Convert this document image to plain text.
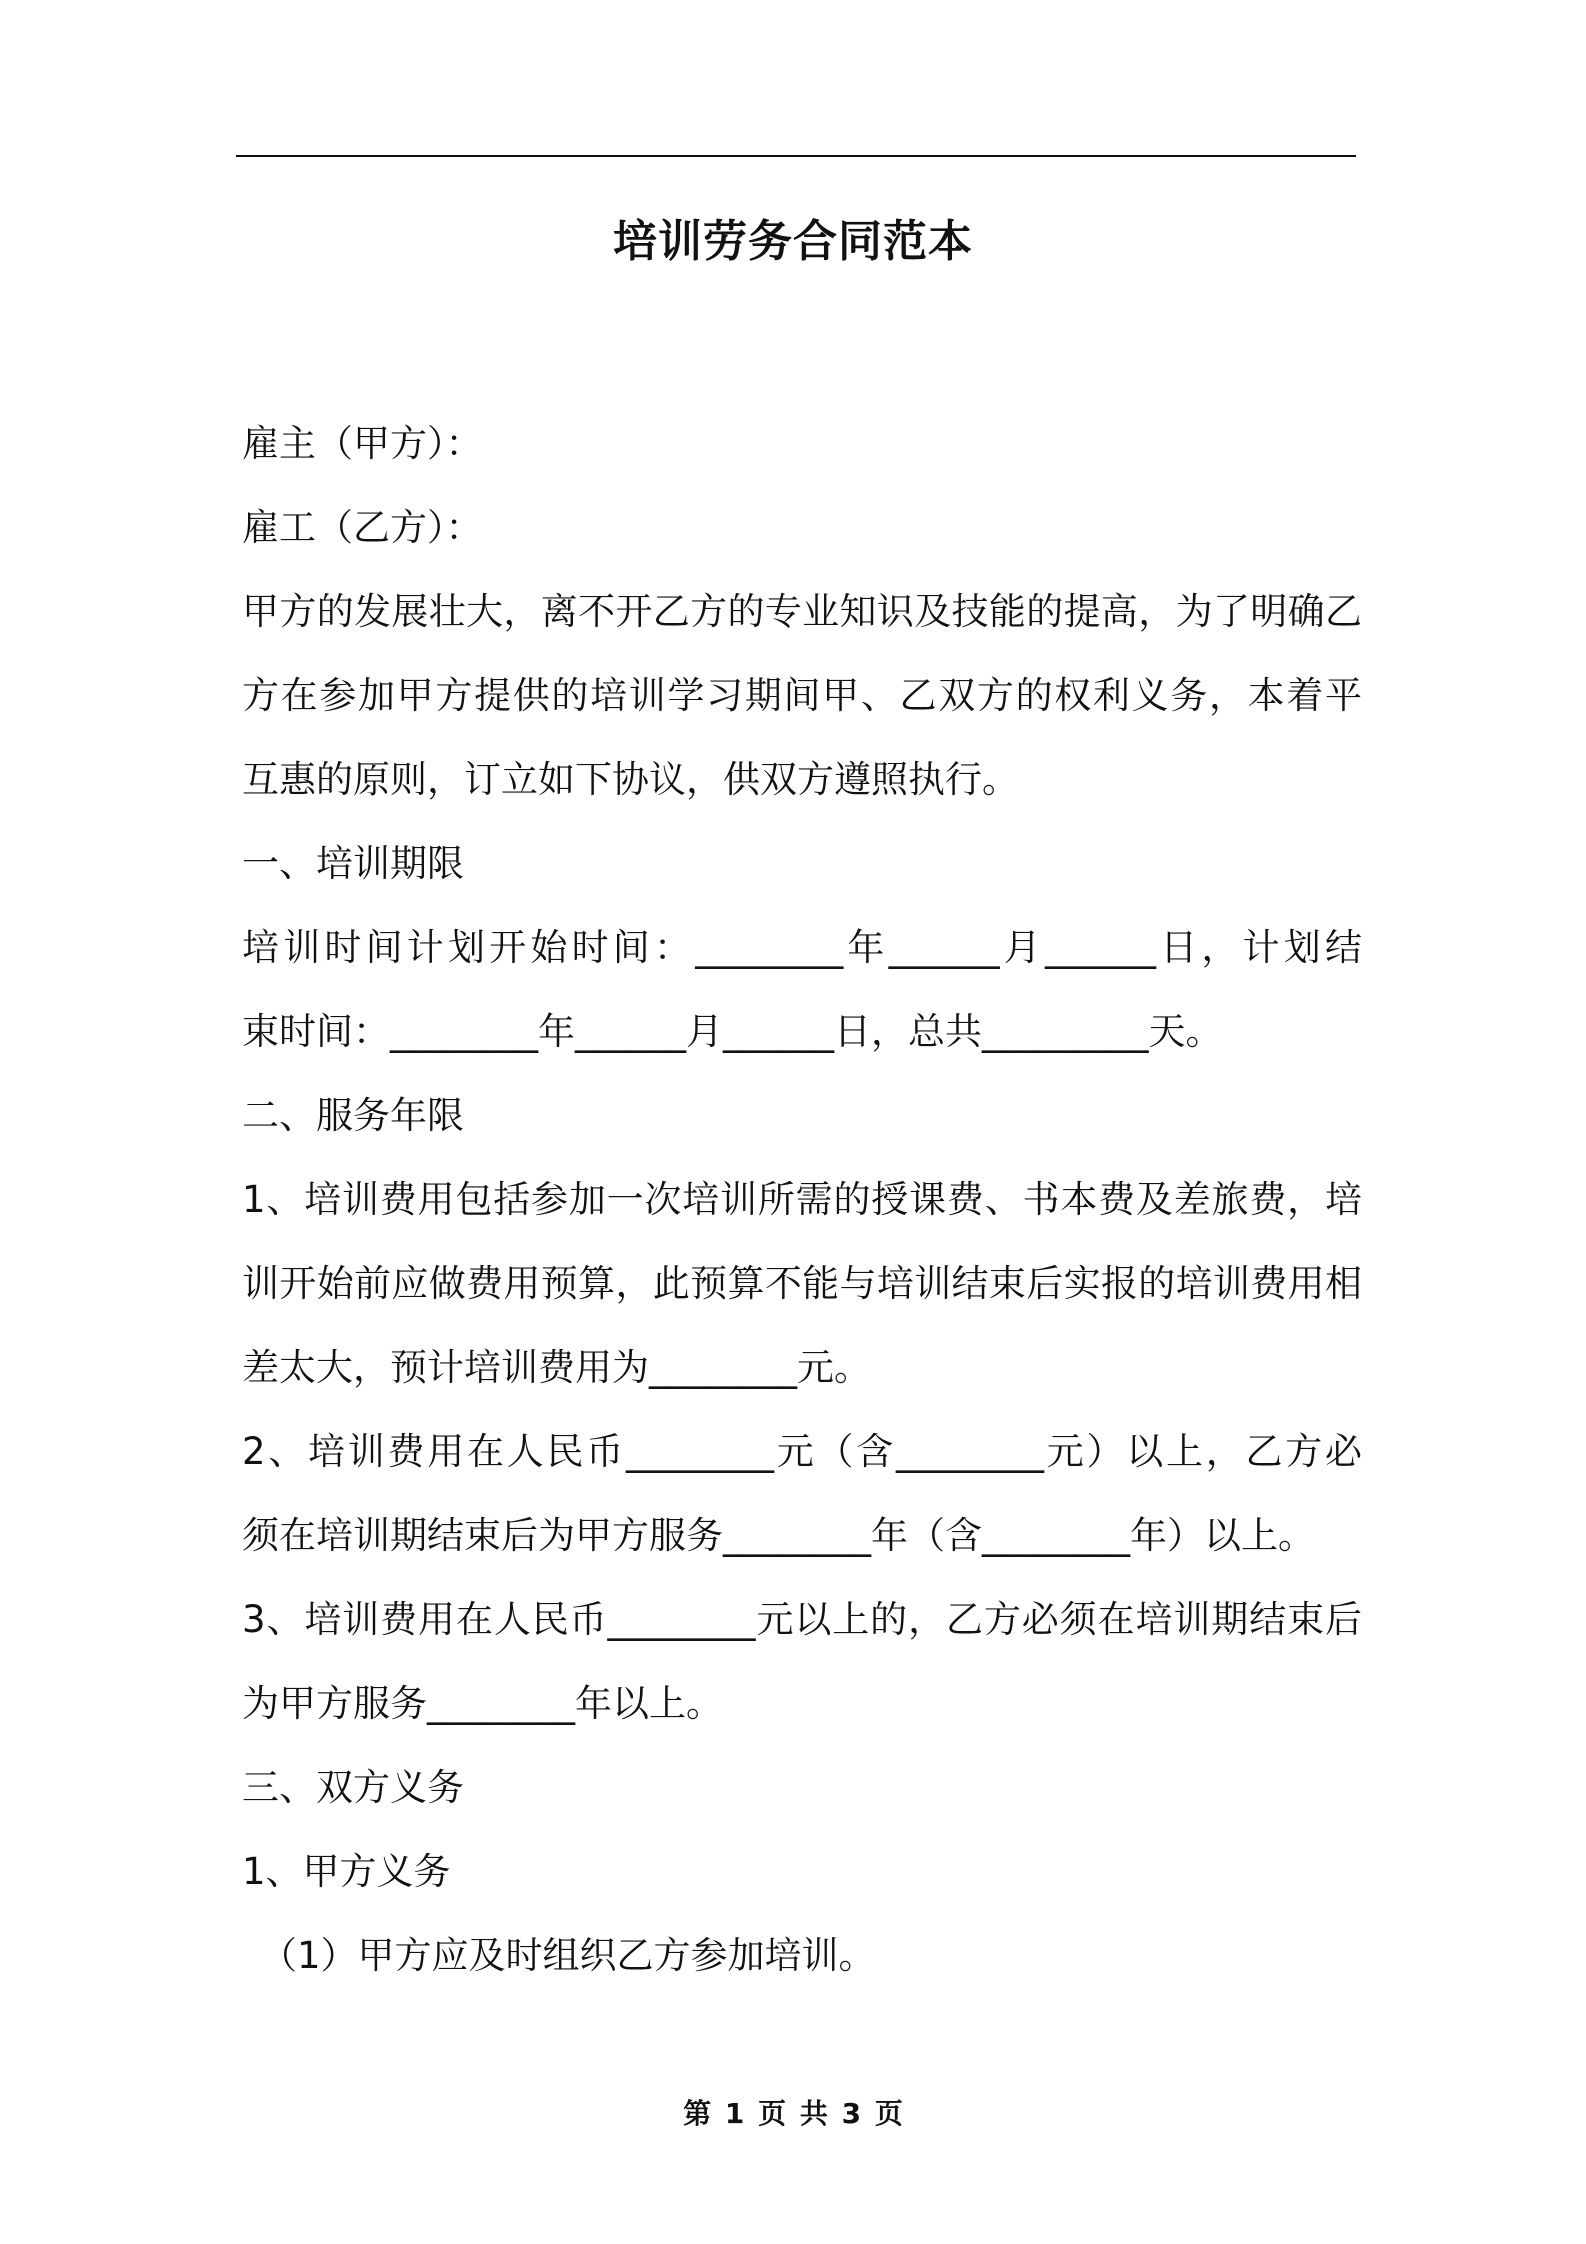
培训劳务合同范本
雇主（甲方）：
雇工（乙方）：
甲方的发展壮大，离不开乙方的专业知识及技能的提高，为了明确乙
方在参加甲方提供的培训学习期间甲、乙双方的权利义务，本着平
互惠的原则，订立如下协议，供双方遵照执行。
一、培训期限
培训时间计划开始时间：________年______月______日，计划结
束时间：________年______月______日，总共_________天。
二、服务年限
1、培训费用包括参加一次培训所需的授课费、书本费及差旅费，培
训开始前应做费用预算，此预算不能与培训结束后实报的培训费用相
差太大，预计培训费用为________元。
2、培训费用在人民币________元（含________元）以上，乙方必
须在培训期结束后为甲方服务________年（含________年）以上。
3、培训费用在人民币________元以上的，乙方必须在培训期结束后
为甲方服务________年以上。
三、双方义务
1、甲方义务
（1）甲方应及时组织乙方参加培训。
第 1 页 共 3 页
